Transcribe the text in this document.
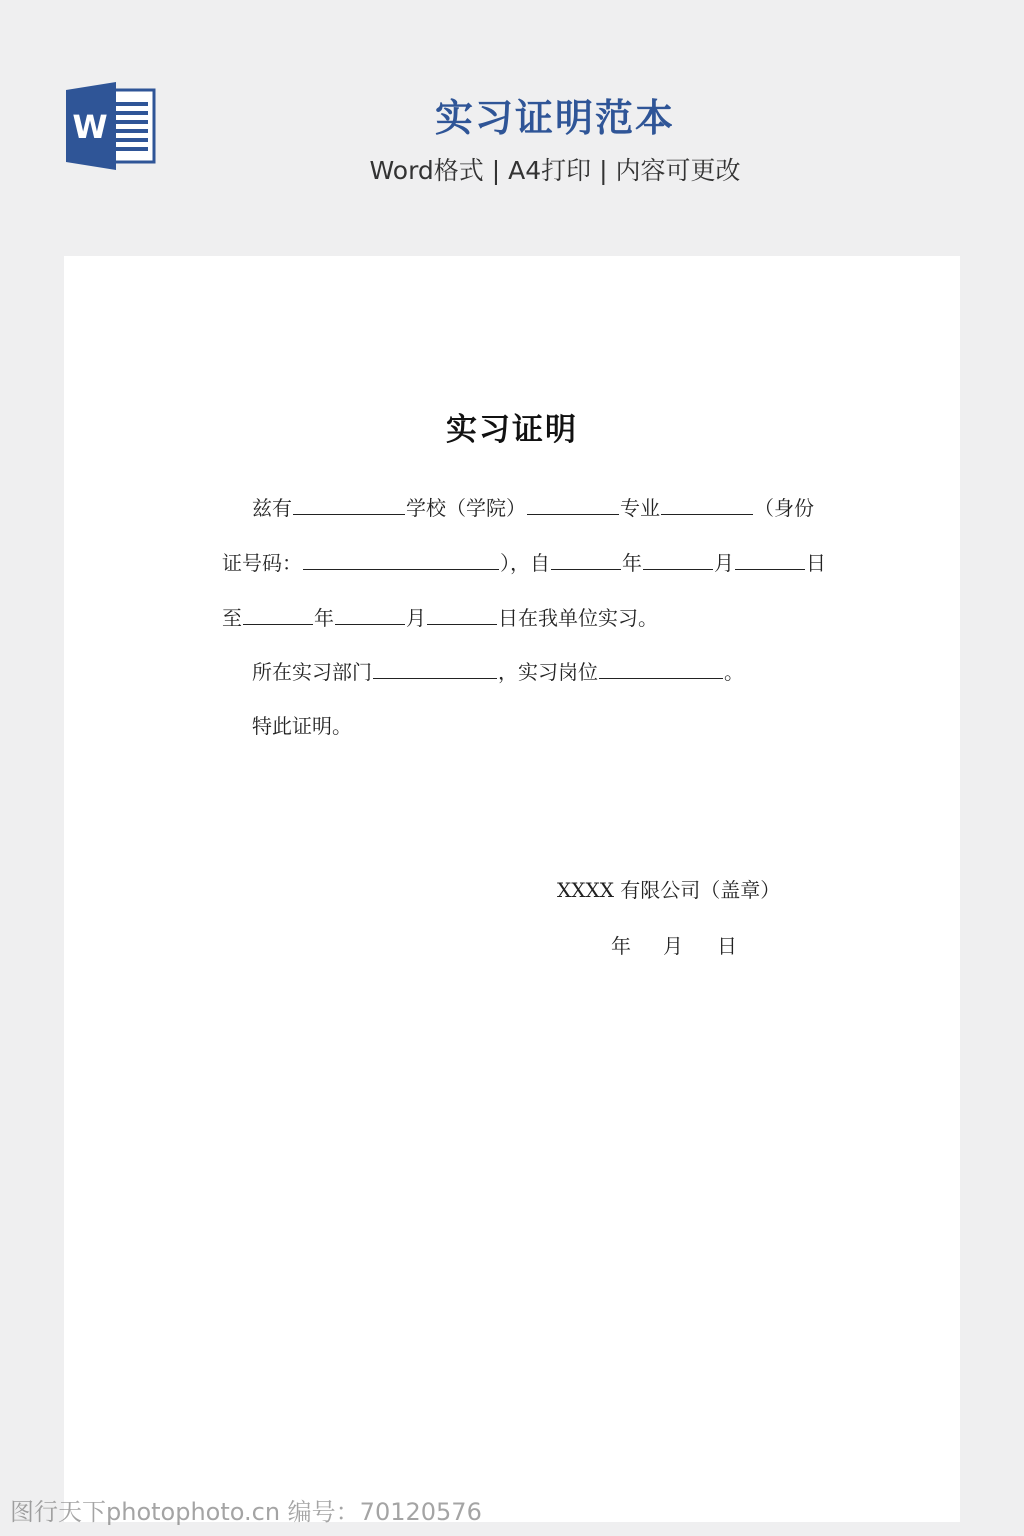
W	实习证明范本
Word格式 | A4打印 | 内容可更改
实习证明
兹有	学校（学院）	专业	（身份
证号码：	），自	年	月	日
至	年	月	日在我单位实习。
所在实习部门	，实习岗位	。
特此证明。
XXXX 有限公司（盖章）
年 月 日
图行天下photophoto.cn 编号：70120576
